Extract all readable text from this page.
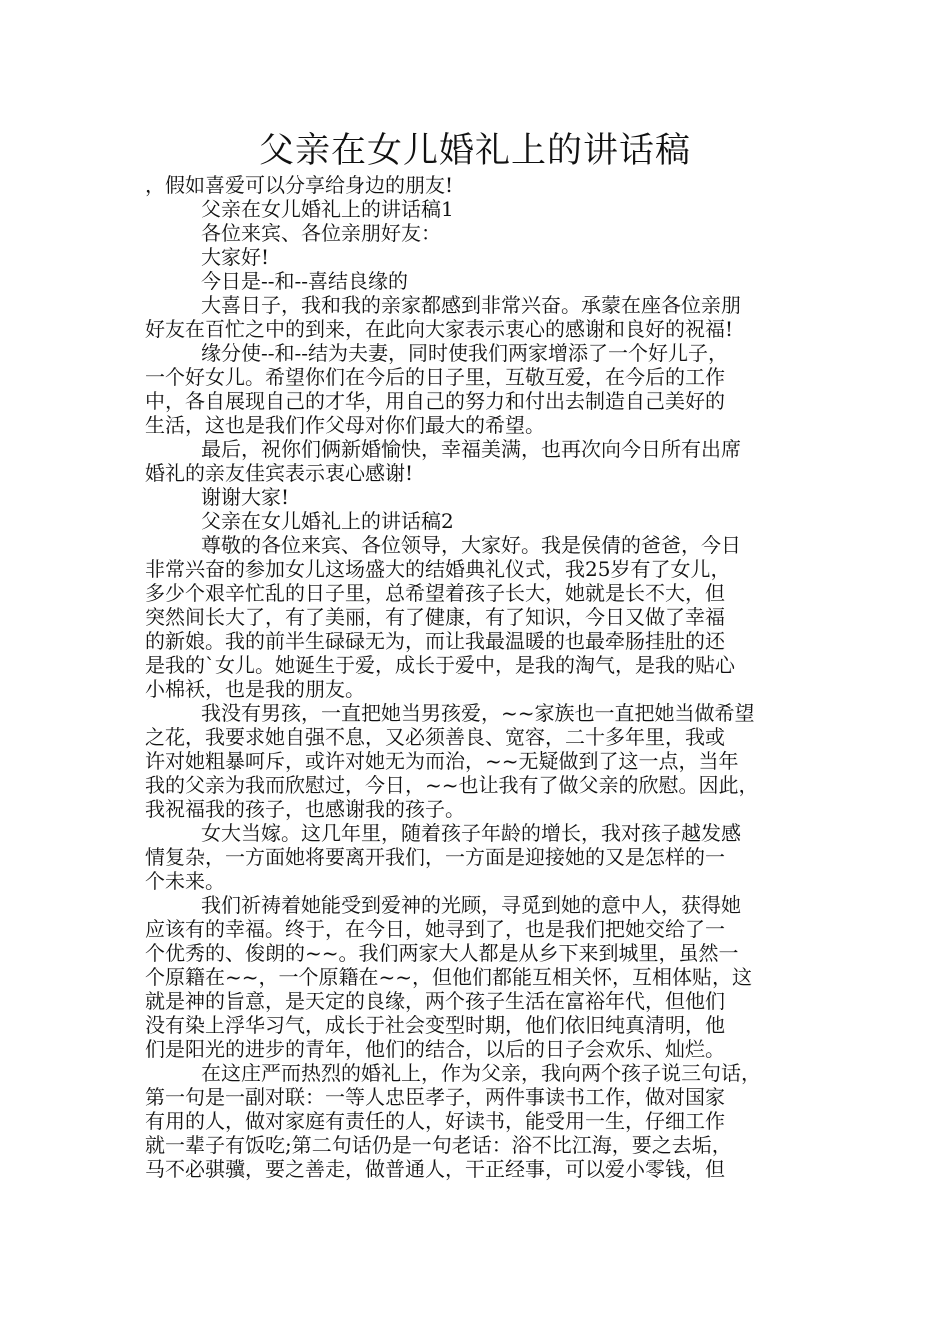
父亲在女儿婚礼上的讲话稿

，假如喜爱可以分享给身边的朋友!

父亲在女儿婚礼上的讲话稿1

各位来宾、各位亲朋好友：

大家好!

今日是--和--喜结良缘的

大喜日子，我和我的亲家都感到非常兴奋。承蒙在座各位亲朋

好友在百忙之中的到来，在此向大家表示衷心的感谢和良好的祝福!

缘分使--和--结为夫妻，同时使我们两家增添了一个好儿子，

一个好女儿。希望你们在今后的日子里，互敬互爱，在今后的工作

中，各自展现自己的才华，用自己的努力和付出去制造自己美好的

生活，这也是我们作父母对你们最大的希望。

最后，祝你们俩新婚愉快，幸福美满，也再次向今日所有出席

婚礼的亲友佳宾表示衷心感谢!

谢谢大家!

父亲在女儿婚礼上的讲话稿2

尊敬的各位来宾、各位领导，大家好。我是侯倩的爸爸，今日

非常兴奋的参加女儿这场盛大的结婚典礼仪式，我25岁有了女儿，

多少个艰辛忙乱的日子里，总希望着孩子长大，她就是长不大，但

突然间长大了，有了美丽，有了健康，有了知识，今日又做了幸福

的新娘。我的前半生碌碌无为，而让我最温暖的也最牵肠挂肚的还

是我的`女儿。她诞生于爱，成长于爱中，是我的淘气，是我的贴心

小棉袄，也是我的朋友。

我没有男孩，一直把她当男孩爱，~~家族也一直把她当做希望

之花，我要求她自强不息，又必须善良、宽容，二十多年里，我或

许对她粗暴呵斥，或许对她无为而治，~~无疑做到了这一点，当年

我的父亲为我而欣慰过，今日，~~也让我有了做父亲的欣慰。因此，

我祝福我的孩子，也感谢我的孩子。

女大当嫁。这几年里，随着孩子年龄的增长，我对孩子越发感

情复杂，一方面她将要离开我们，一方面是迎接她的又是怎样的一

个未来。

我们祈祷着她能受到爱神的光顾，寻觅到她的意中人，获得她

应该有的幸福。终于，在今日，她寻到了，也是我们把她交给了一

个优秀的、俊朗的~~。我们两家大人都是从乡下来到城里，虽然一

个原籍在~~，一个原籍在~~，但他们都能互相关怀，互相体贴，这

就是神的旨意，是天定的良缘，两个孩子生活在富裕年代，但他们

没有染上浮华习气，成长于社会变型时期，他们依旧纯真清明，他

们是阳光的进步的青年，他们的结合，以后的日子会欢乐、灿烂。

在这庄严而热烈的婚礼上，作为父亲，我向两个孩子说三句话，

第一句是一副对联：一等人忠臣孝子，两件事读书工作，做对国家

有用的人，做对家庭有责任的人，好读书，能受用一生，仔细工作

就一辈子有饭吃;第二句话仍是一句老话：浴不比江海，要之去垢，

马不必骐骥，要之善走，做普通人，干正经事，可以爱小零钱，但
